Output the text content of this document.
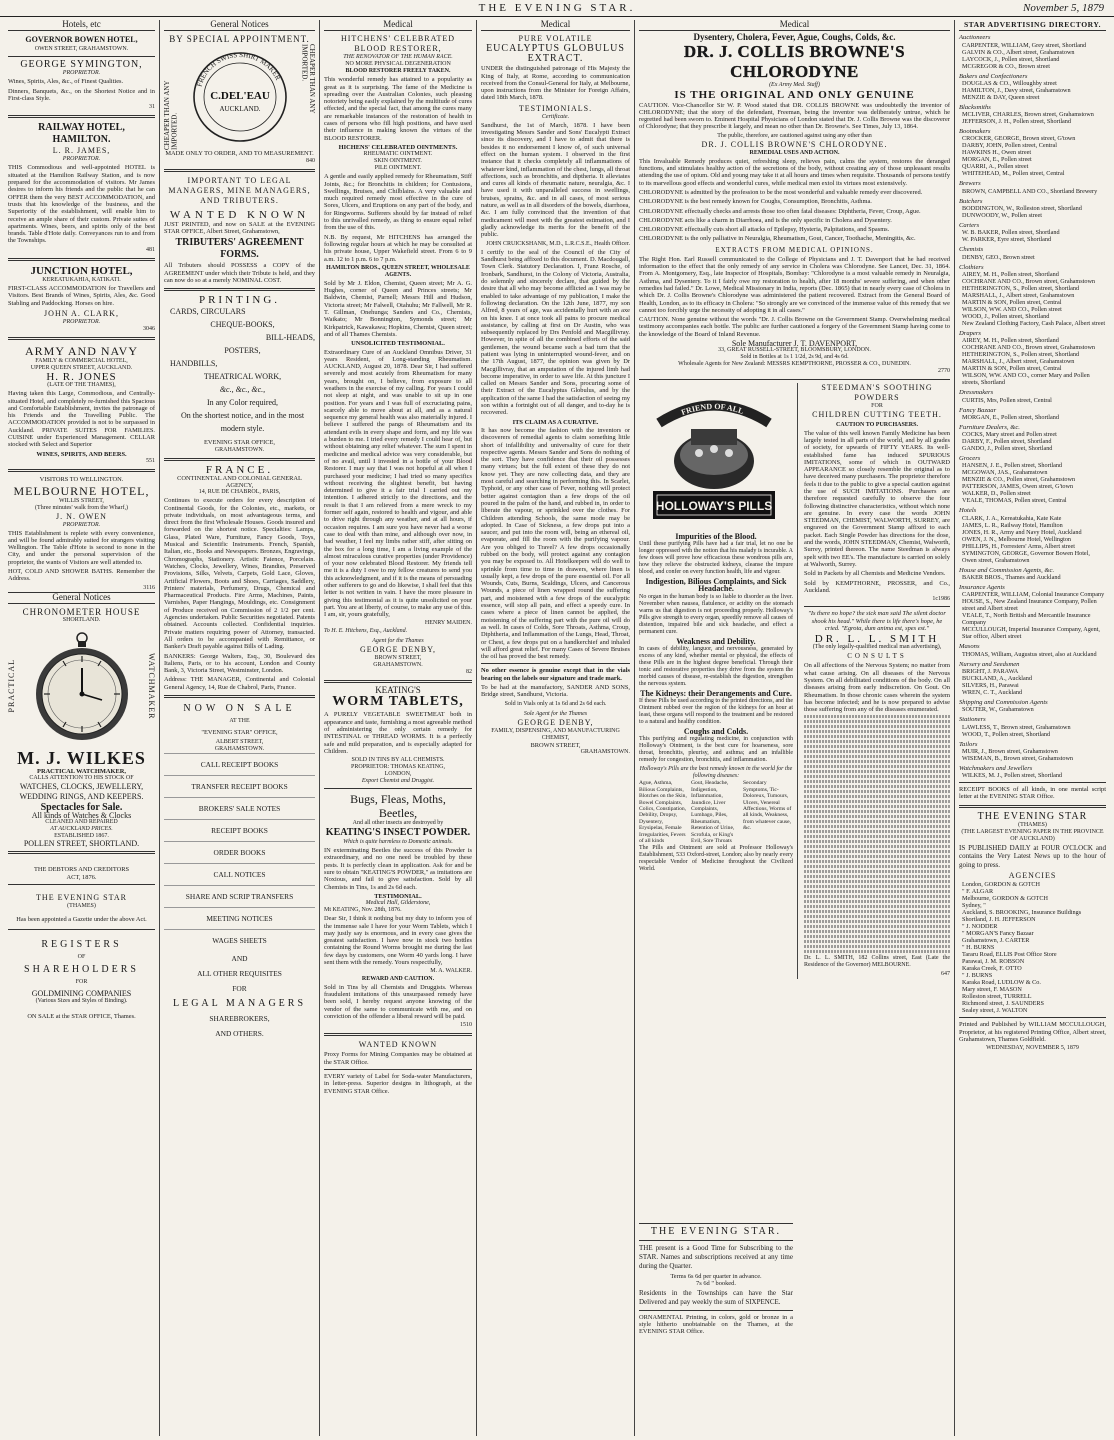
THE EVENING STAR.	November 5, 1879
Hotels, etc
GOVERNOR BOWEN HOTEL,
OWEN STREET, GRAHAMSTOWN.
GEORGE SYMINGTON,
PROPRIETOR.

Wines, Spirits, Ales, &c., of Finest Qualities.

Dinners, Banquets, &c., on the Shortest Notice and in First-class Style.

31
RAILWAY HOTEL, HAMILTON.
L. R. JAMES,
PROPRIETOR.

THIS Commodious and well-appointed HOTEL is situated at the Hamilton Railway Station, and is now prepared for the accommodation of visitors. Mr James desires to inform his friends and the public that he can OFFER them the very BEST ACCOMMODATION, and trusts that his knowledge of the business, and the Superiority of the establishment, will enable him to receive an ample share of their custom. Private suites of apartments. Wines, beers, and spirits only of the best brands. Table d'Hote daily. Conveyances run to and from the Townships.

481
JUNCTION HOTEL,
KEREATUKAHIA, KATIKATI.

FIRST-CLASS ACCOMMODATION for Travellers and Visitors. Best Brands of Wines, Spirits, Ales, &c. Good Stabling and Paddocking. Horses on hire.

JOHN A. CLARK,
PROPRIETOR.
3046
ARMY AND NAVY
FAMILY & COMMERCIAL HOTEL,
UPPER QUEEN STREET, AUCKLAND.
H. R. JONES
(LATE OF THE THAMES),

Having taken this Large, Commodious, and Centrally-situated Hotel, and completely re-furnished this Spacious and Comfortable Establishment, invites the patronage of his Friends and the Travelling Public. The ACCOMMODATION provided is not to be surpassed in Auckland. PRIVATE SUITES FOR FAMILIES. CUISINE under Experienced Management. CELLAR stocked with Select and Superior

WINES, SPIRITS, AND BEERS.
551
VISITORS TO WELLINGTON.
MELBOURNE HOTEL,
WILLIS STREET,
(Three minutes' walk from the Wharf,)
J. N. OWEN
PROPRIETOR.

THIS Establishment is replete with every convenience, and will be found admirably suited for strangers visiting Wellington. The Table d'Hote is second to none in the City, and under the personal supervision of the proprietor, the wants of Visitors are well attended to.

HOT, COLD AND SHOWER BATHS. Remember the Address.

3116
General Notices
CHRONOMETER HOUSE
SHORTLAND.
PRACTICAL	WATCHMAKER
M. J. WILKES
PRACTICAL WATCHMAKER,
CALLS ATTENTION TO HIS STOCK OF
WATCHES, CLOCKS, JEWELLERY, WEDDING RINGS, AND KEEPERS.
Spectacles for Sale.
All kinds of Watches & Clocks
CLEANED AND REPAIRED
AT AUCKLAND PRICES.
ESTABLISHED 1867.
POLLEN STREET, SHORTLAND.
THE DEBTORS AND CREDITORS
ACT, 1876.
THE EVENING STAR
(THAMES)
Has been appointed a Gazette under the above Act.
REGISTERS
OF
SHAREHOLDERS
FOR
GOLDMINING COMPANIES
(Various Sizes and Styles of Binding).
ON SALE at the STAR OFFICE, Thames.
General Notices
BY SPECIAL APPOINTMENT.
CHEAPER THAN ANY IMPORTED.
FRENCH SWISS SHIRT MAKER
C.DEL'EAU
AUCKLAND.	CHEAPER THAN ANY IMPORTED.
MADE ONLY TO ORDER, AND TO MEASUREMENT.
840
IMPORTANT TO LEGAL MANAGERS, MINE MANAGERS, AND TRIBUTERS.
WANTED KNOWN

JUST PRINTED, and now on SALE at the EVENING STAR OFFICE, Albert Street, Grahamstown,

TRIBUTERS' AGREEMENT FORMS.

All Tributers should POSSESS a COPY of the AGREEMENT under which their Tribute is held, and they can now do so at a merely NOMINAL COST.

PRINTING.
CARDS, CIRCULARS
CHEQUE-BOOKS,
BILL-HEADS,
POSTERS,
HANDBILLS,
THEATRICAL WORK,
&c., &c., &c.,
In any Color required,
On the shortest notice, and in the most
modern style.
EVENING STAR OFFICE,
GRAHAMSTOWN.
FRANCE.
CONTINENTAL AND COLONIAL GENERAL AGENCY,
14, RUE DE CHABROL, PARIS,

Continues to execute orders for every description of Continental Goods, for the Colonies, etc., markets, or private individuals, on most advantageous terms, and direct from the first Wholesale Houses. Goods insured and forwarded on the shortest notice. Specialties: Lamps, Glass, Plated Ware, Furniture, Fancy Goods, Toys, Musical and Scientific Instruments. French, Spanish, Italian, etc., Books and Newspapers. Bronzes, Engravings, Chromographs, Stationery. Artistic Faience, Porcelain. Watches, Clocks, Jewellery, Wines, Brandies, Preserved Provisions, Silks, Velvets, Carpets, Gold Lace, Gloves, Artificial Flowers, Boots and Shoes, Carriages, Saddlery, Printers' materials, Perfumery, Drugs, Chemical and Pharmaceutical Products. Fire Arms, Machines, Paints, Varnishes, Paper Hangings, Mouldings, etc. Consignment of Produce received on Commission of 2 1/2 per cent. Agencies undertaken. Public Securities negotiated. Patents obtained. Accounts collected. Confidential inquiries. Private matters requiring power of Attorney, transacted. All orders to be accompanied with Remittance, or Banker's Draft payable against Bills of Lading.

BANKERS: George Walters, Esq., 30, Boulevard des Italiens, Paris, or to his account, London and County Bank, 3, Victoria Street, Westminster, London.

Address: THE MANAGER, Continental and Colonial General Agency, 14, Rue de Chabrol, Paris, France.

NOW ON SALE
AT THE
"EVENING STAR" OFFICE,
ALBERT STREET,
GRAHAMSTOWN.
CALL RECEIPT BOOKS
TRANSFER RECEIPT BOOKS
BROKERS' SALE NOTES
RECEIPT BOOKS
ORDER BOOKS
CALL NOTICES
SHARE AND SCRIP TRANSFERS
MEETING NOTICES
WAGES SHEETS
AND
ALL OTHER REQUISITES
FOR
LEGAL MANAGERS
SHAREBROKERS,
AND OTHERS.
Medical
HITCHENS' CELEBRATED BLOOD RESTORER,
THE RENOVATOR OF THE HUMAN RACE.
NO MORE PHYSICAL DEGENERATION
BLOOD RESTORER FREELY TAKEN.

This wonderful remedy has attained to a popularity as great as it is surprising. The fame of the Medicine is spreading over the Australian Colonies, such pleasing notoriety being easily explained by the multitude of cures effected, and the special fact, that among the cures many are remarkable instances of the restoration of health in cases of persons who fill high positions, and have used their influence in making known the virtues of the BLOOD RESTORER.

HICHENS' CELEBRATED OINTMENTS.
RHEUMATIC OINTMENT.
SKIN OINTMENT.
PILE OINTMENT.

A gentle and easily applied remedy for Rheumatism, Stiff Joints, &c.; for Bronchitis in children; for Contusions, Swellings, Bruises, and Chilblains. A very valuable and much required remedy most effective in the cure of Sores, Ulcers, and Eruptions on any part of the body, and for Ringworms. Sufferers should by far instead of relief to this unrivalled remedy, as thing to ensure equal relief from the use of this.

N.B. By request, Mr HITCHENS has arranged the following regular hours at which he may be consulted at his private house, Upper Wakefield street. From 6 to 9 a.m. 12 to 1 p.m. 6 to 7 p.m.

HAMILTON BROS., QUEEN STREET, WHOLESALE AGENTS.

Sold by Mr J. Eldon, Chemist, Queen street; Mr A. G. Hughes, corner of Queen and Princes streets; Mr Baldwin, Chemist, Parnell; Messrs Hill and Hudson, Victoria street; Mr Falwell, Otahuhu; Mr Fallwell, Mr R. T. Gillman, Onehunga; Sanders and Co., Chemists, Waikato; Mr Bonnington, Symonds street; Mr Kirkpatrick, Kawakawa; Hopkins, Chemist, Queen street; and of all Thames Chemists.

UNSOLICITED TESTIMONIAL.

Extraordinary Cure of an Auckland Omnibus Driver, 31 years Resident, of Long-standing Rheumatism. AUCKLAND, August 20, 1878. Dear Sir, I had suffered severely and most acutely from Rheumatism for many years, brought on, I believe, from exposure to all weathers in the exercise of my calling. For years I could not sleep at night, and was unable to sit up in one position. For years and I was full of excruciating pains, scarcely able to move about at all, and as a natural sequence my general health was also materially injured. I believe I suffered the pangs of Rheumatism and its attendant evils in every shape and form, and my life was a burden to me. I tried every remedy I could hear of, but without obtaining any relief whatever. The sum I spent in medicine and medical advice was very considerable, but of no avail, until I invested in a bottle of your Blood Restorer. I may say that I was not hopeful at all when I purchased your medicine; I had tried so many specifics without receiving the slightest benefit, but having determined to give it a fair trial I carried out my intention. I adhered strictly to the directions, and the result is that I am relieved from a mere wreck to my former self again, restored to health and vigour, and able to drive right through any weather, and at all hours, if occasion requires. I am sure you have never had a worse case to deal with than mine, and although over now, in bad weather, I feel my limbs rather stiff, after sitting on the box for a long time, I am a living example of the almost miraculous curative properties (under Providence) of your now celebrated Blood Restorer. My friends tell me it is a duty I owe to my fellow creatures to send you this acknowledgment, and if it is the means of persuading other sufferers to go and do likewise, I shall feel that this letter is not written in vain. I have the more pleasure in giving this testimonial as it is quite unsolicited on your part. You are at liberty, of course, to make any use of this. I am, sir, yours gratefully,

HENRY MAIDEN.
To H. E. Hitchens, Esq., Auckland.
Agent for the Thames
GEORGE DENBY,
BROWN STREET,
GRAHAMSTOWN.
82
KEATING'S
WORM TABLETS,

A PURELY VEGETABLE SWEETMEAT both in appearance and taste, furnishing a most agreeable method of administering the only certain remedy for INTESTINAL or THREAD WORMS. It is a perfectly safe and mild preparation, and is especially adapted for Children.

SOLD IN TINS BY ALL CHEMISTS.
PROPRIETOR: THOMAS KEATING,
LONDON,
Export Chemist and Druggist.
Bugs, Fleas, Moths,
Beetles,
And all other insects are destroyed by
KEATING'S INSECT POWDER.
Which is quite harmless to Domestic animals.

IN exterminating Beetles the success of this Powder is extraordinary, and no one need be troubled by these pests. It is perfectly clean in application. Ask for and be sure to obtain "KEATING'S POWDER," as imitations are Noxious, and fail to give satisfaction. Sold by all Chemists in Tins, 1s and 2s 6d each.

TESTIMONIAL.
Medical Hall, Gilderstone,
Mt KEATING, Nov. 28th, 1876.

Dear Sir, I think it nothing but my duty to inform you of the immense sale I have for your Worm Tablets, which I may justly say is enormous, and in every case gives the greatest satisfaction. I have now in stock two bottles containing the Round Worms brought me during the last few days by customers, one Worm 40 yards long. I have sent them with the remedy. Yours respectfully,

M. A. WALKER.
REWARD AND CAUTION.

Sold in Tins by all Chemists and Druggists. Whereas fraudulent imitations of this unsurpassed remedy have been sold, I hereby request anyone knowing of the vendor of the same to communicate with me, and on conviction of the offender a liberal reward will be paid.

1510
WANTED KNOWN

Proxy Forms for Mining Companies may be obtained at the STAR Office.

EVERY variety of Label for Soda-water Manufacturers, in letter-press. Superior designs in lithograph, at the EVENING STAR Office.

Medical
PURE VOLATILE
EUCALYPTUS GLOBULUS
EXTRACT.

UNDER the distinguished patronage of His Majesty the King of Italy, at Rome, according to communication received from the Consul-General for Italy, at Melbourne, upon instructions from the Minister for Foreign Affairs, dated 18th March, 1878.

TESTIMONIALS.
Certificate.

Sandhurst, the 1st of March, 1878. I have been investigating Messrs Sander and Sons' Eucalypti Extract since its discovery, and I have to admit that there is besides it no endorsement I know of, of such universal effect on the human system. I observed in the first instance that it checks completely all inflammations of whatever kind, inflammation of the chest, lungs, all throat affections, such as bronchitis, and diptheria. It alleviates and cures all kinds of rheumatic nature, neuralgia, &c. I have used it with unparalleled success in swellings, bruises, sprains, &c. and in all cases, of most serious nature, as well as in all disorders of the bowels, diarrhoea, &c. I am fully convinced that the invention of that medicament will meet with the greatest estimation, and I gladly acknowledge its merits for the benefit of the public.

JOHN CRUICKSHANK, M.D., L.R.C.S.E., Health Officer.

I certify to the seal of the Council of the City of Sandhurst being affixed to this document. D. Macdougall, Town Clerk. Statutory Declaration. I, Franz Rosche, of Ironbark, Sandhurst, in the Colony of Victoria, Australia, do solemnly and sincerely declare, that guided by the desire that all who may become afflicted as I was may be enabled to take advantage of my publication, I make the following declaration. On the 12th June, 1877, my son Alfred, 8 years of age, was accidentally hurt with an axe on his knee. I at once took all pains to procure medical assistance, by calling at first on Dr Austin, who was subsequently replaced by Drs Penfold and Macgillivray. However, in spite of all the combined efforts of the said gentlemen, the wound became such a bad turn that the patient was lying in uninterrupted wound-fever, and on the 17th August, 1877, the opinion was given by Dr Macgillivray, that an amputation of the injured limb had become imperative, in order to save life. At this juncture I called on Messrs Sander and Sons, procuring some of their Extract of the Eucalyptus Globulus, and by the application of the same I had the satisfaction of seeing my son within a fortnight out of all danger, and to-day he is recovered.

ITS CLAIM AS A CURATIVE.

It has now become the fashion with the inventors or discoverers of remedial agents to claim something little short of infallibility and universality of cure for their respective agents. Messrs Sander and Sons do nothing of the sort. They have confidence that their oil possesses many virtues; but the full extent of these they do not know yet. They are now collecting data, and they are most careful and searching in performing this. In Scarlet, Typhoid, or any other case of Fever, nothing will protect better against contagion than a few drops of the oil poured in the palm of the hand, and rubbed in, in order to liberate the vapour, or sprinkled over the clothes. For Children attending Schools, the same mode may be adopted. In Case of Sickness, a few drops put into a saucer, and put into the room will, being an ethereal oil, evaporate, and fill the room with the purifying vapour. Are you obliged to Travel? A few drops occasionally rubbed on the body, will protect against any contagion you may be exposed to. All Hotelkeepers will do well to sprinkle from time to time in drawers, where linen is usually kept, a few drops of the pure essential oil. For all Wounds, Cuts, Burns, Scaldings, Ulcers, and Cancerous Wounds, a piece of linen wrapped round the suffering part, and moistened with a few drops of the eucalyptic essence, will stop all pain, and effect a speedy cure. In cases where a piece of linen cannot be applied, the moistening of the suffering part with the pure oil will do as well. In cases of Colds, Sore Throats, Asthma, Croup, Diphtheria, and Inflammation of the Lungs, Head, Throat, or Chest, a few drops put on a handkerchief and inhaled will afford great relief. For many Cases of Severe Bruises the oil has proved the best remedy.

No other essence is genuine except that in the vials bearing on the labels our signature and trade mark.

To be had at the manufactory, SANDER AND SONS, Bridge street, Sandhurst, Victoria.

Sold in Vials only at 1s 6d and 2s 6d each.
Sole Agent for the Thames
GEORGE DENBY,
FAMILY, DISPENSING, AND MANUFACTURING CHEMIST,
BROWN STREET,
GRAHAMSTOWN.
Medical
Dysentery, Cholera, Fever, Ague, Coughs, Colds, &c.
DR. J. COLLIS BROWNE'S CHLORODYNE
(Ex Army Med. Staff)
IS THE ORIGINAL AND ONLY GENUINE

CAUTION. Vice-Chancellor Sir W. P. Wood stated that DR. COLLIS BROWNE was undoubtedly the inventor of CHLORODYNE; that the story of the defendant, Freeman, being the inventor was deliberately untrue, which he regretted had been sworn to. Eminent Hospital Physicians of London stated that Dr. J. Collis Browne was the discoverer of Chlorodyne; that they prescribe it largely, and mean no other than Dr. Browne's. See Times, July 13, 1864.

The public, therefore, are cautioned against using any other than
DR. J. COLLIS BROWNE'S CHLORODYNE.
REMEDIAL USES AND ACTION.

This Invaluable Remedy produces quiet, refreshing sleep, relieves pain, calms the system, restores the deranged functions, and stimulates healthy action of the secretions of the body, without creating any of those unpleasant results attending the use of opium. Old and young may take it at all hours and times when requisite. Thousands of persons testify to its marvellous good effects and wonderful cures, while medical men extol its virtues most extensively.

CHLORODYNE is admitted by the profession to be the most wonderful and valuable remedy ever discovered.

CHLORODYNE is the best remedy known for Coughs, Consumption, Bronchitis, Asthma.

CHLORODYNE effectually checks and arrests those too often fatal diseases: Diphtheria, Fever, Croup, Ague.

CHLORODYNE acts like a charm in Diarrhoea, and is the only specific in Cholera and Dysentery.

CHLORODYNE effectually cuts short all attacks of Epilepsy, Hysteria, Palpitations, and Spasms.

CHLORODYNE is the only palliative in Neuralgia, Rheumatism, Gout, Cancer, Toothache, Meningitis, &c.

EXTRACTS FROM MEDICAL OPINIONS.

The Right Hon. Earl Russell communicated to the College of Physicians and J. T. Davenport that he had received information to the effect that the only remedy of any service in Cholera was Chlorodyne. See Lancet, Dec. 31, 1864. From A. Montgomery, Esq., late Inspector of Hospitals, Bombay: "Chlorodyne is a most valuable remedy in Neuralgia, Asthma, and Dysentery. To it I fairly owe my restoration to health, after 18 months' severe suffering, and when other remedies had failed." Dr. Lowe, Medical Missionary in India, reports (Dec. 1865) that in nearly every case of Cholera in which Dr. J. Collis Browne's Chlorodyne was administered the patient recovered. Extract from the General Board of Health, London, as to its efficacy in Cholera: "So strongly are we convinced of the immense value of this remedy that we cannot too forcibly urge the necessity of adopting it in all cases."

CAUTION. None genuine without the words "Dr. J. Collis Browne on the Government Stamp. Overwhelming medical testimony accompanies each bottle. The public are further cautioned a forgery of the Government Stamp having come to the knowledge of the Board of Inland Revenue.

Sole Manufacturer J. T. DAVENPORT,
33, GREAT RUSSELL-STREET, BLOOMSBURY, LONDON.
Sold in Bottles at 1s 1 1/2d, 2s 9d, and 4s 6d.
Wholesale Agents for New Zealand: MESSRS KEMPTHORNE, PROSSER & CO., DUNEDIN.
2770
FRIEND OF ALL
HOLLOWAY'S PILLS
Impurities of the Blood.

Until these purifying Pills have had a fair trial, let no one be longer oppressed with the notion that his malady is incurable. A few doses will prove how efficacious these wondrous pills are, how they relieve the obstructed kidneys, cleanse the impure blood, and confer on every function health, life and vigour.

Indigestion, Bilious Complaints, and Sick Headache.

No organ in the human body is so liable to disorder as the liver. November when nausea, flatulence, or acidity on the stomach warns us that digestion is not proceeding properly. Holloway's Pills give strength to every organ, speedily remove all causes of distention, impaired bile and sick headache, and effect a permanent cure.

Weakness and Debility.

In cases of debility, languor, and nervousness, generated by excess of any kind, whether mental or physical, the effects of these Pills are in the highest degree beneficial. Through their tonic and restorative properties they drive from the system the morbid causes of disease, re-establish the digestion, strengthen the nervous system.

The Kidneys: their Derangements and Cure.

If these Pills be used according to the printed directions, and the Ointment rubbed over the region of the kidneys for an hour at least, these organs will respond to the treatment and be restored to a natural and healthy condition.

Coughs and Colds.

This purifying and regulating medicine, in conjunction with Holloway's Ointment, is the best cure for hoarseness, sore throat, bronchitis, pleurisy, and asthma; and an infallible remedy for congestion, bronchitis, and inflammation.

Holloway's Pills are the best remedy known in the world for the following diseases:
Ague, Asthma, Bilious Complaints, Blotches on the Skin, Bowel Complaints, Colics, Constipation, Debility, Dropsy, Dysentery, Erysipelas, Female Irregularities, Fevers of all kinds
Gout, Headache, Indigestion, Inflammation, Jaundice, Liver Complaints, Lumbago, Piles, Rheumatism, Retention of Urine, Scrofula, or King's Evil, Sore Throats
Secondary Symptoms, Tic-Doloreux, Tumours, Ulcers, Venereal Affections, Worms of all kinds, Weakness, from whatever cause, &c.

The Pills and Ointment are sold at Professor Holloway's Establishment, 533 Oxford-street, London; also by nearly every respectable Vendor of Medicine throughout the Civilized World.

STEEDMAN'S SOOTHING POWDERS
FOR
CHILDREN CUTTING TEETH.
CAUTION TO PURCHASERS.

The value of this well known Family Medicine has been largely tested in all parts of the world, and by all grades of society, for upwards of FIFTY YEARS. Its well-established fame has induced SPURIOUS IMITATIONS, some of which in OUTWARD APPEARANCE so closely resemble the original as to have deceived many purchasers. The proprietor therefore feels it due to the public to give a special caution against the use of SUCH IMITATIONS. Purchasers are therefore requested carefully to observe the four following distinctive characteristics, without which none are genuine. In every case the words JOHN STEEDMAN, CHEMIST, WALWORTH, SURREY, are engraved on the Government Stamp affixed to each packet. Each Single Powder has directions for the dose, and the words, JOHN STEEDMAN, Chemist, Walworth, Surrey, printed thereon. The name Steedman is always spelt with two EE's. The manufacture is carried on solely at Walworth, Surrey.

Sold in Packets by all Chemists and Medicine Vendors.

Sold by KEMPTHORNE, PROSSER, and Co., Auckland.

1c1986

"Is there no hope? the sick man said The silent doctor shook his head." While there is life there's hope, he cried. "Egrota, dum anima est, spes est."

DR. L. L. SMITH
(The only legally-qualified medical man advertising),
CONSULTS

On all affections of the Nervous System; no matter from what cause arising. On all diseases of the Nervous System. On all debilitated conditions of the body. On all diseases arising from early indiscretion. On Gout. On Rheumatism. In those chronic cases wherein the system has become infected; and he is now prepared to advise those suffering from any of the diseases enumerated.

Dr. L. L. SMITH, 182 Collins street, East (Late the Residence of the Governor) MELBOURNE.

647
THE EVENING STAR.

THE present is a Good Time for Subscribing to the STAR. Names and subscriptions received at any time during the Quarter.

Terms 6s 6d per quarter in advance.
7s 6d " booked.

Residents in the Townships can have the Star Delivered and pay weekly the sum of SIXPENCE.

ORNAMENTAL Printing, in colors, gold or bronze in a style hitherto unobtainable on the Thames, at the EVENING STAR Office.

STAR ADVERTISING DIRECTORY.
Auctioneers
CARPENTER, WILLIAM, Grey street, Shortland
GALVIN & CO., Albert street, Grahamstown
LAYCOCK, J., Pollen street, Shortland
MCGREGOR & CO., Brown street
Bakers and Confectioners
DOUGLAS & CO., Willoughby street
HAMILTON, J., Davy street, Grahamstown
MENZIE & DAY, Queen street
Blacksmiths
MCLIVER, CHARLES, Brown street, Grahamstown
JEFFERSON, J. H., Pollen street, Shortland
Bootmakers
CROCKER, GEORGE, Brown street, G'town
DARBY, JOHN, Pollen street, Central
HAWKINS H., Owen street
MORGAN, E., Pollen street
QUARRI, A., Pollen street
WHITEHEAD, M., Pollen street, Central
Brewers
BROWN, CAMPBELL AND CO., Shortland Brewery
Butchers
BODDINGTON, W., Rolleston street, Shortland
DUNWOODY, W., Pollen street
Carters
W. B. BAKER, Pollen street, Shortland
W. PARKER, Eyre street, Shortland
Chemists
DENBY, GEO., Brown street
Clothiers
AIREY, M. H., Pollen street, Shortland
COCHRANE AND CO., Brown street, Grahamstown
HETHERINGTON, S., Pollen street, Shortland
MARSHALL, J., Albert street, Grahamstown
MARTIN & SON, Pollen street, Central
WILSON, WW. AND CO., Pollen street
WOOD, J., Pollen street, Shortland
New Zealand Clothing Factory, Cash Palace, Albert street
Drapers
AIREY, M. H., Pollen street, Shortland
COCHRANE AND CO., Brown street, Grahamstown
HETHERINGTON, S., Pollen street, Shortland
MARSHALL, J., Albert street, Grahamstown
MARTIN & SON, Pollen street, Central
WILSON, WW. AND CO., corner Mary and Pollen streets, Shortland
Dressmakers
CURTIS, Mrs, Pollen street, Central
Fancy Bazaar
MORGAN, E., Pollen street, Shortland
Furniture Dealers, &c.
COCKS, Mary street and Pollen street
DARBY, F., Pollen street, Shortland
GANDO, J., Pollen street, Shortland
Grocers
HANSEN, J. E., Pollen street, Shortland
MCGOWAN, JAS., Grahamstown
MENZIE & CO., Pollen street, Grahamstown
PATTERSON, JAMES, Owen street, G'town
WALKER, D., Pollen street
VEALE, THOMAS, Pollen street, Central
Hotels
CLARK, J. A., Kereatukahia, Kate Kate
JAMES, L. R., Railway Hotel, Hamilton
JONES, H. R., Army and Navy Hotel, Auckland
OWEN, J. N., Melbourne Hotel, Wellington
PHILLIPS, H., Forresters' Arms, Albert street
SYMINGTON, GEORGE, Governor Bowen Hotel, Owen street, Grahamstown
House and Commission Agents, &c.
BAKER BROS., Thames and Auckland
Insurance Agents
CARPENTER, WILLIAM, Colonial Insurance Company
HOUSE, S., New Zealand Insurance Company, Pollen street and Albert street
VEALE, T., North British and Mercantile Insurance Company
MCCULLOUGH, Imperial Insurance Company, Agent, Star office, Albert street
Masons
THOMAS, William, Augustus street, also at Auckland
Nursery and Seedsmen
BRIGHT, J. PARAWA
BUCKLAND, A., Auckland
SILVERS, H., Parawai
WREN, C. T., Auckland
Shipping and Commission Agents
SOUTER, W., Grahamstown
Stationers
LAWLESS, T., Brown street, Grahamstown
WOOD, T., Pollen street, Shortland
Tailors
MUIR, J., Brown street, Grahamstown
WISEMAN, B., Brown street, Grahamstown
Watchmakers and Jewellers
WILKES, M. J., Pollen street, Shortland

RECEIPT BOOKS of all kinds, in one mental script letter at the EVENING STAR Office.

THE EVENING STAR
(THAMES)
(THE LARGEST EVENING PAPER IN THE PROVINCE OF AUCKLAND)

IS PUBLISHED DAILY at FOUR O'CLOCK and contains the Very Latest News up to the hour of going to press.

AGENCIES
London, GORDON & GOTCH
" F. ALGAR
Melbourne, GORDON & GOTCH
Sydney, "
Auckland, S. BROOKING, Insurance Buildings
Shortland, J. H. JEFFERSON
" J. NODDER
" MORGAN'S Fancy Bazaar
Grahamstown, J. CARTER
" H. BURNS
Tararu Road, ELLIS Post Office Store
Parawai, J. M. ROBSON
Karaka Creek, F. OTTO
" J. BURNS
Karaka Road, LUDLOW & Co.
Mary street, F. MASON
Rolleston street, TURRELL
Richmond street, J. SAUNDERS
Sealey street, J. WALTON

Printed and Published by WILLIAM MCCULLOUGH, Proprietor, at his registered Printing Office, Albert street, Grahamstown, Thames Goldfield.

WEDNESDAY, NOVEMBER 5, 1879
